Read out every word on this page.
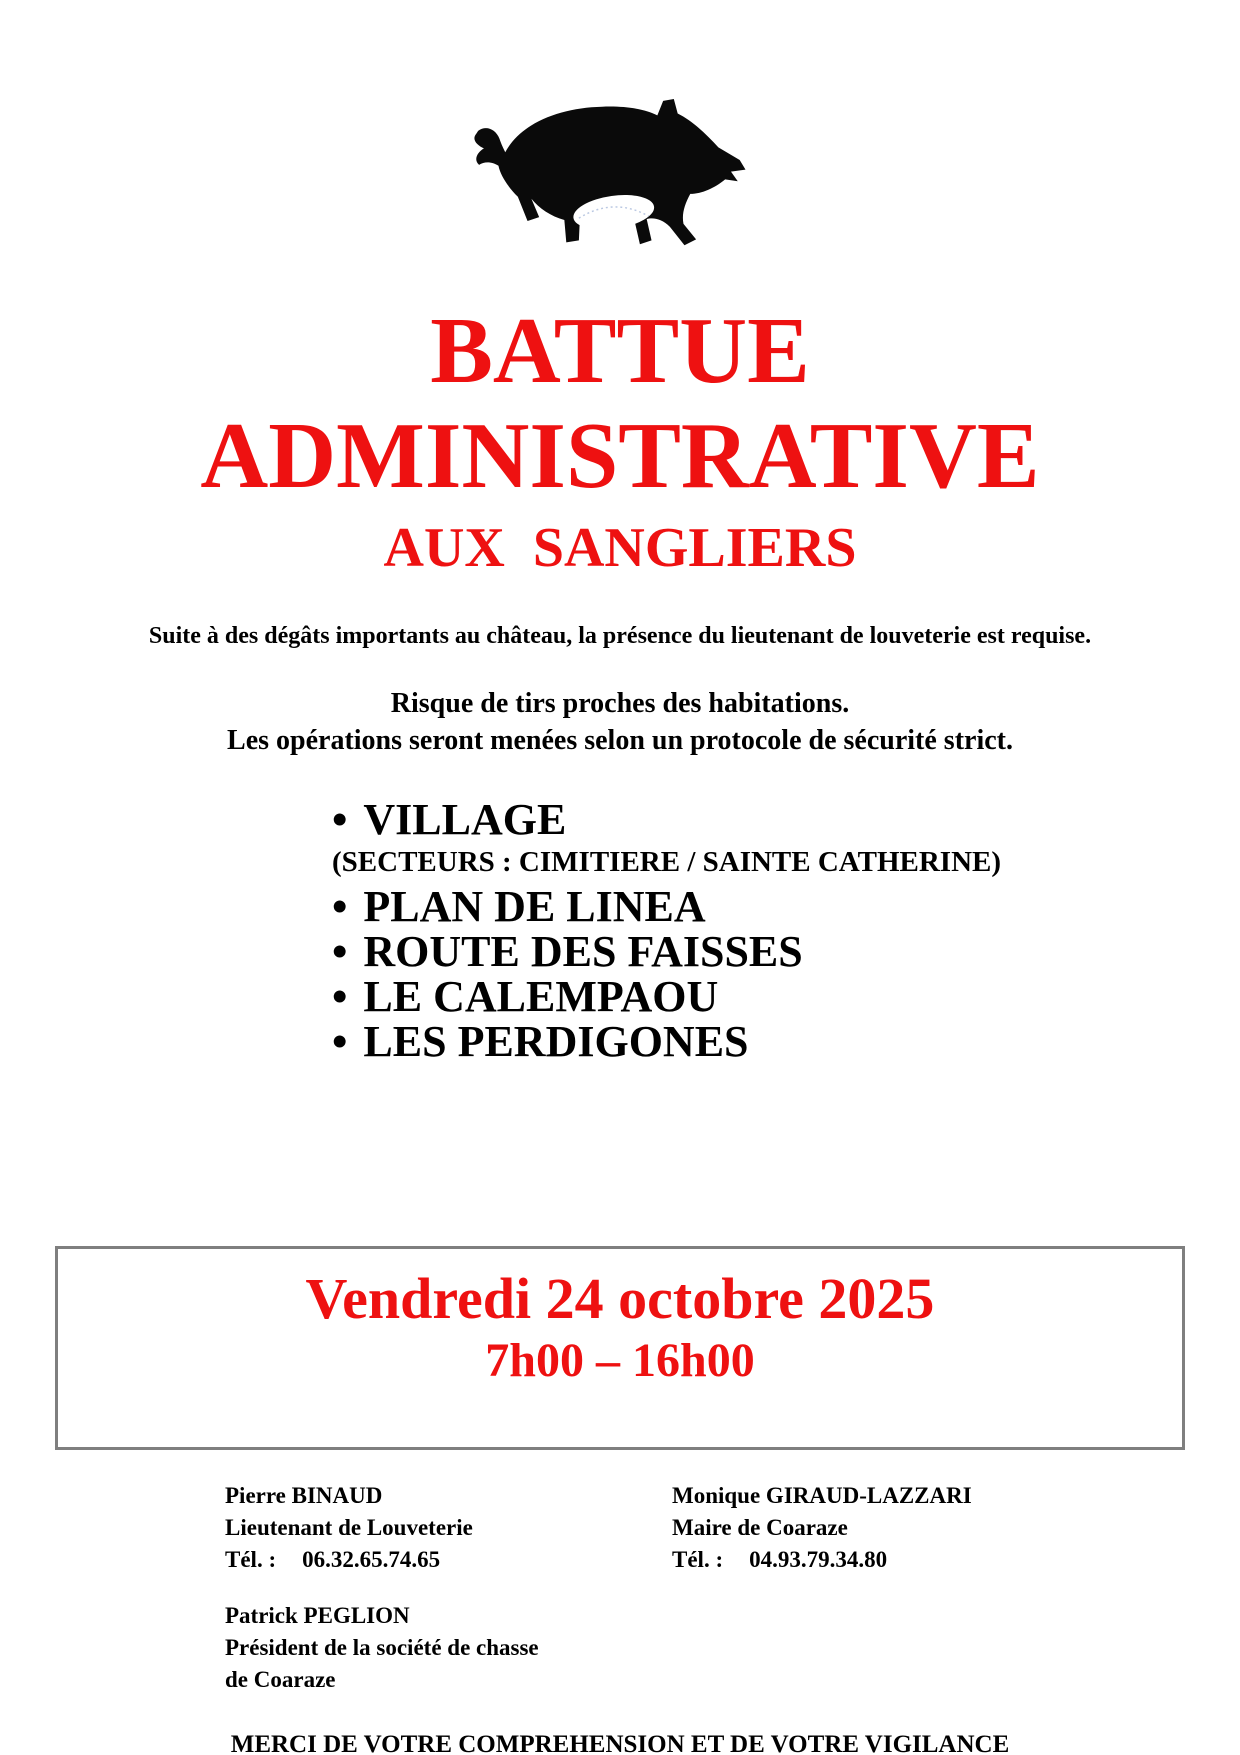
BATTUE
ADMINISTRATIVE
AUX  SANGLIERS
Suite à des dégâts importants au château, la présence du lieutenant de louveterie est requise.
Risque de tirs proches des habitations.
Les opérations seront menées selon un protocole de sécurité strict.
•VILLAGE
(SECTEURS : CIMITIERE / SAINTE CATHERINE)
•PLAN DE LINEA
•ROUTE DES FAISSES
•LE CALEMPAOU
•LES PERDIGONES
Vendredi 24 octobre 2025
7h00 – 16h00
Pierre BINAUD
Lieutenant de Louveterie
Tél. : 06.32.65.74.65
Monique GIRAUD-LAZZARI
Maire de Coaraze
Tél. : 04.93.79.34.80
Patrick PEGLION
Président de la société de chasse
de Coaraze
MERCI DE VOTRE COMPREHENSION ET DE VOTRE VIGILANCE
